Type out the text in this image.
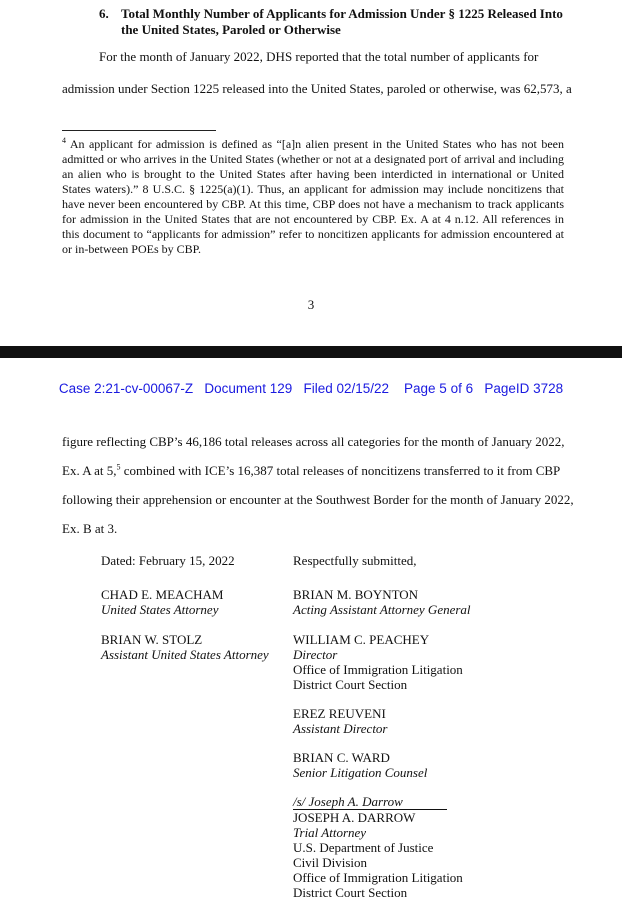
6. Total Monthly Number of Applicants for Admission Under § 1225 Released Into
the United States, Paroled or Otherwise
For the month of January 2022, DHS reported that the total number of applicants for
admission under Section 1225 released into the United States, paroled or otherwise, was 62,573, a
$^4$ An applicant for admission is defined as “[a]n alien present in the United States who has not been admitted or who arrives in the United States (whether or not at a designated port of arrival and including an alien who is brought to the United States after having been interdicted in international or United States waters).” 8 U.S.C. § 1225(a)(1). Thus, an applicant for admission may include noncitizens that have never been encountered by CBP. At this time, CBP does not have a mechanism to track applicants for admission in the United States that are not encountered by CBP. Ex. A at 4 n.12. All references in this document to “applicants for admission” refer to noncitizen applicants for admission encountered at or in-between POEs by CBP.
3
Case 2:21-cv-00067-Z   Document 129   Filed 02/15/22    Page 5 of 6   PageID 3728
figure reflecting CBP’s 46,186 total releases across all categories for the month of January 2022,
Ex. A at 5,$^5$ combined with ICE’s 16,387 total releases of noncitizens transferred to it from CBP
following their apprehension or encounter at the Southwest Border for the month of January 2022,
Ex. B at 3.
Dated: February 15, 2022	Respectfully submitted,
CHAD E. MEACHAM
United States Attorney
BRIAN W. STOLZ
Assistant United States Attorney
BRIAN M. BOYNTON
Acting Assistant Attorney General
WILLIAM C. PEACHEY
Director
Office of Immigration Litigation
District Court Section
EREZ REUVENI
Assistant Director
BRIAN C. WARD
Senior Litigation Counsel
/s/ Joseph A. Darrow
JOSEPH A. DARROW
Trial Attorney
U.S. Department of Justice
Civil Division
Office of Immigration Litigation
District Court Section
